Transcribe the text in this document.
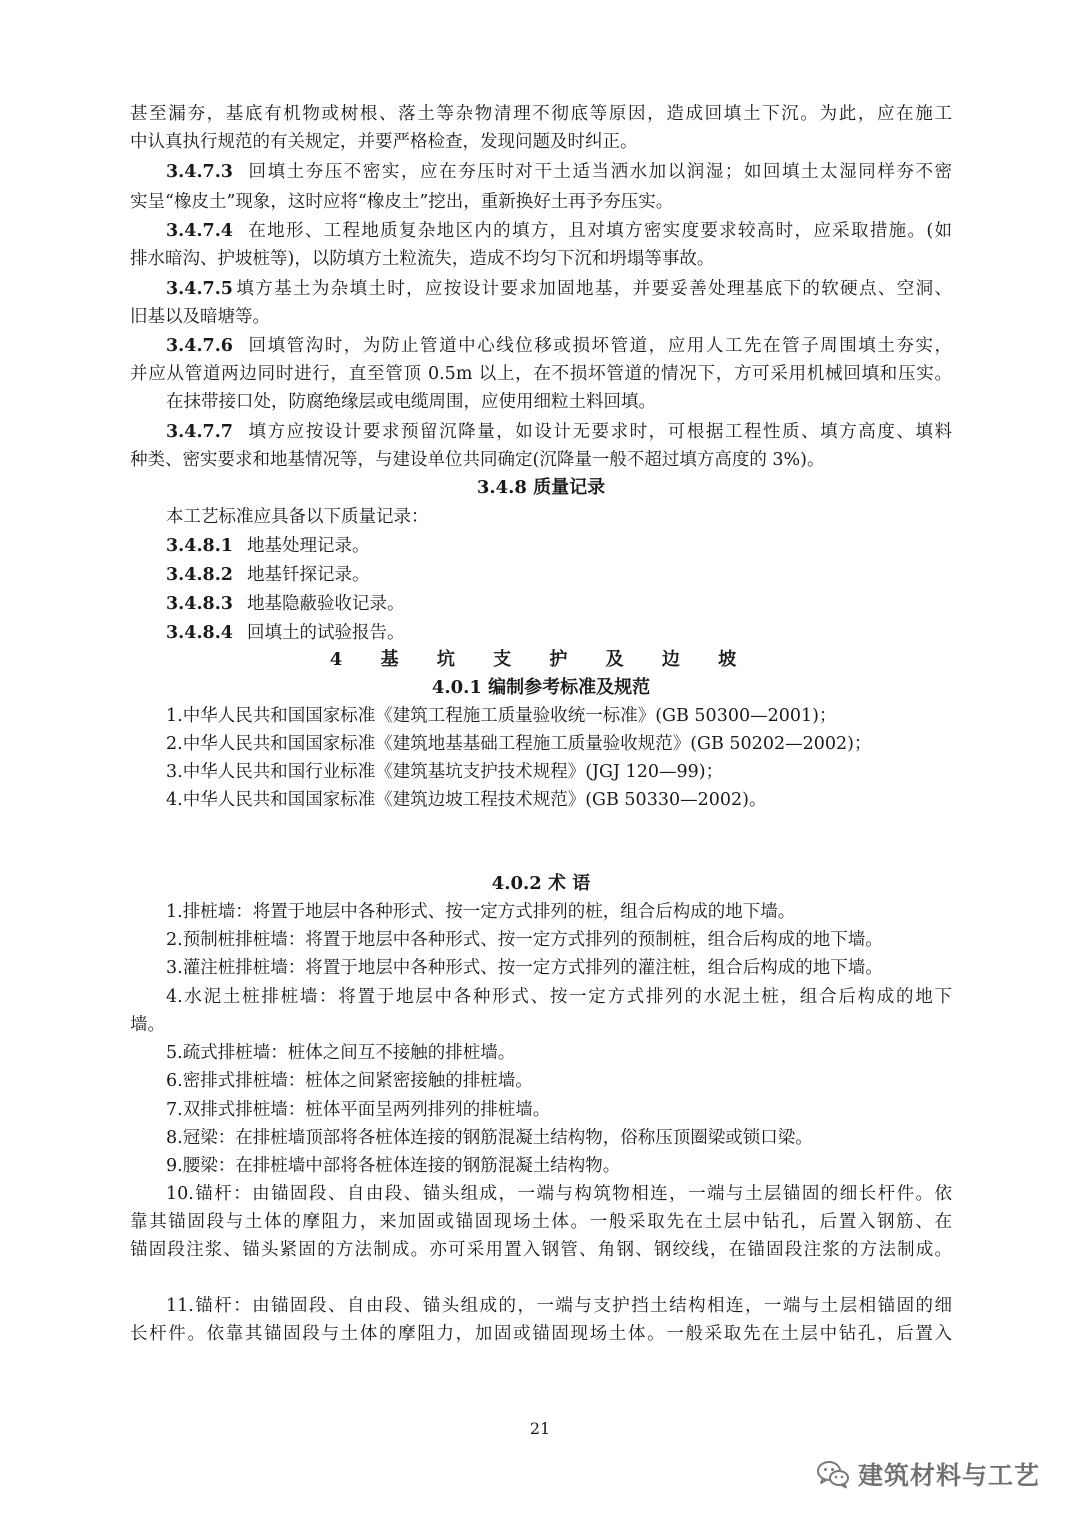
甚至漏夯，基底有机物或树根、落土等杂物清理不彻底等原因，造成回填土下沉。为此，应在施工
中认真执行规范的有关规定，并要严格检查，发现问题及时纠正。
3.4.7.3 回填土夯压不密实，应在夯压时对干土适当洒水加以润湿；如回填土太湿同样夯不密
实呈“橡皮土”现象，这时应将“橡皮土”挖出，重新换好土再予夯压实。
3.4.7.4 在地形、工程地质复杂地区内的填方，且对填方密实度要求较高时，应采取措施。(如
排水暗沟、护坡桩等)，以防填方土粒流失，造成不均匀下沉和坍塌等事故。
3.4.7.5 填方基土为杂填土时，应按设计要求加固地基，并要妥善处理基底下的软硬点、空洞、
旧基以及暗塘等。
3.4.7.6 回填管沟时，为防止管道中心线位移或损坏管道，应用人工先在管子周围填土夯实，
并应从管道两边同时进行，直至管顶 0.5m 以上，在不损坏管道的情况下，方可采用机械回填和压实。
在抹带接口处，防腐绝缘层或电缆周围，应使用细粒土料回填。
3.4.7.7 填方应按设计要求预留沉降量，如设计无要求时，可根据工程性质、填方高度、填料
种类、密实要求和地基情况等，与建设单位共同确定(沉降量一般不超过填方高度的 3%)。
3.4.8 质量记录
本工艺标准应具备以下质量记录：
3.4.8.1 地基处理记录。
3.4.8.2 地基钎探记录。
3.4.8.3 地基隐蔽验收记录。
3.4.8.4 回填土的试验报告。
4 基 坑 支 护 及 边 坡
4.0.1 编制参考标准及规范
1.中华人民共和国国家标准《建筑工程施工质量验收统一标准》(GB 50300—2001)；
2.中华人民共和国国家标准《建筑地基基础工程施工质量验收规范》(GB 50202—2002)；
3.中华人民共和国行业标准《建筑基坑支护技术规程》(JGJ 120—99)；
4.中华人民共和国国家标准《建筑边坡工程技术规范》(GB 50330—2002)。
4.0.2 术 语
1.排桩墙：将置于地层中各种形式、按一定方式排列的桩，组合后构成的地下墙。
2.预制桩排桩墙：将置于地层中各种形式、按一定方式排列的预制桩，组合后构成的地下墙。
3.灌注桩排桩墙：将置于地层中各种形式、按一定方式排列的灌注桩，组合后构成的地下墙。
4.水泥土桩排桩墙：将置于地层中各种形式、按一定方式排列的水泥土桩，组合后构成的地下
墙。
5.疏式排桩墙：桩体之间互不接触的排桩墙。
6.密排式排桩墙：桩体之间紧密接触的排桩墙。
7.双排式排桩墙：桩体平面呈两列排列的排桩墙。
8.冠梁：在排桩墙顶部将各桩体连接的钢筋混凝土结构物，俗称压顶圈梁或锁口梁。
9.腰梁：在排桩墙中部将各桩体连接的钢筋混凝土结构物。
10.锚杆：由锚固段、自由段、锚头组成，一端与构筑物相连，一端与土层锚固的细长杆件。依
靠其锚固段与土体的摩阻力，来加固或锚固现场土体。一般采取先在土层中钻孔，后置入钢筋、在
锚固段注浆、锚头紧固的方法制成。亦可采用置入钢管、角钢、钢绞线，在锚固段注浆的方法制成。
11.锚杆：由锚固段、自由段、锚头组成的，一端与支护挡土结构相连，一端与土层相锚固的细
长杆件。依靠其锚固段与土体的摩阻力，加固或锚固现场土体。一般采取先在土层中钻孔，后置入
21
建筑材料与工艺
